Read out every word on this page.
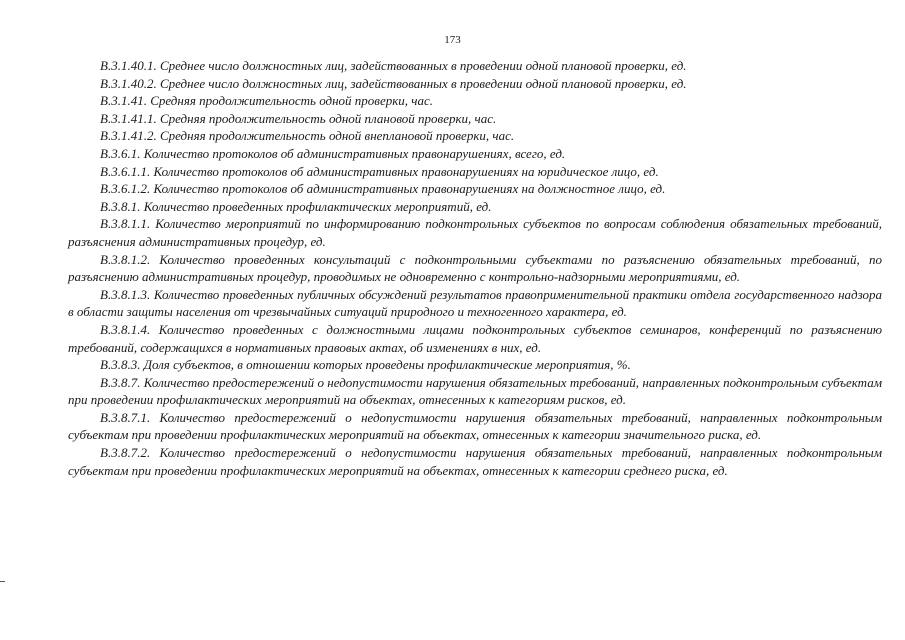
173

В.3.1.40.1. Среднее число должностных лиц, задействованных в проведении одной плановой проверки, ед.

В.3.1.40.2. Среднее число должностных лиц, задействованных в проведении одной плановой проверки, ед.

В.3.1.41. Средняя продолжительность одной проверки, час.

В.3.1.41.1. Средняя продолжительность одной плановой проверки, час.

В.3.1.41.2. Средняя продолжительность одной внеплановой проверки, час.

В.3.6.1. Количество протоколов об административных правонарушениях, всего, ед.

В.3.6.1.1. Количество протоколов об административных правонарушениях на юридическое лицо, ед.

В.3.6.1.2. Количество протоколов об административных правонарушениях на должностное лицо, ед.

В.3.8.1. Количество проведенных профилактических мероприятий, ед.

В.3.8.1.1. Количество мероприятий по информированию подконтрольных субъектов по вопросам соблюдения обязательных требований, разъяснения административных процедур, ед.

В.3.8.1.2. Количество проведенных консультаций с подконтрольными субъектами по разъяснению обязательных требований, по разъяснению административных процедур, проводимых не одновременно с контрольно-надзорными мероприятиями, ед.

В.3.8.1.3. Количество проведенных публичных обсуждений результатов правоприменительной практики отдела государственного надзора в области защиты населения от чрезвычайных ситуаций природного и техногенного характера, ед.

В.3.8.1.4. Количество проведенных с должностными лицами подконтрольных субъектов семинаров, конференций по разъяснению требований, содержащихся в нормативных правовых актах, об изменениях в них, ед.

В.3.8.3. Доля субъектов, в отношении которых проведены профилактические мероприятия, %.

В.3.8.7. Количество предостережений о недопустимости нарушения обязательных требований, направленных подконтрольным субъектам при проведении профилактических мероприятий на объектах, отнесенных к категориям рисков, ед.

В.3.8.7.1. Количество предостережений о недопустимости нарушения обязательных требований, направленных подконтрольным субъектам при проведении профилактических мероприятий на объектах, отнесенных к категории значительного риска, ед.

В.3.8.7.2. Количество предостережений о недопустимости нарушения обязательных требований, направленных подконтрольным субъектам при проведении профилактических мероприятий на объектах, отнесенных к категории среднего риска, ед.
